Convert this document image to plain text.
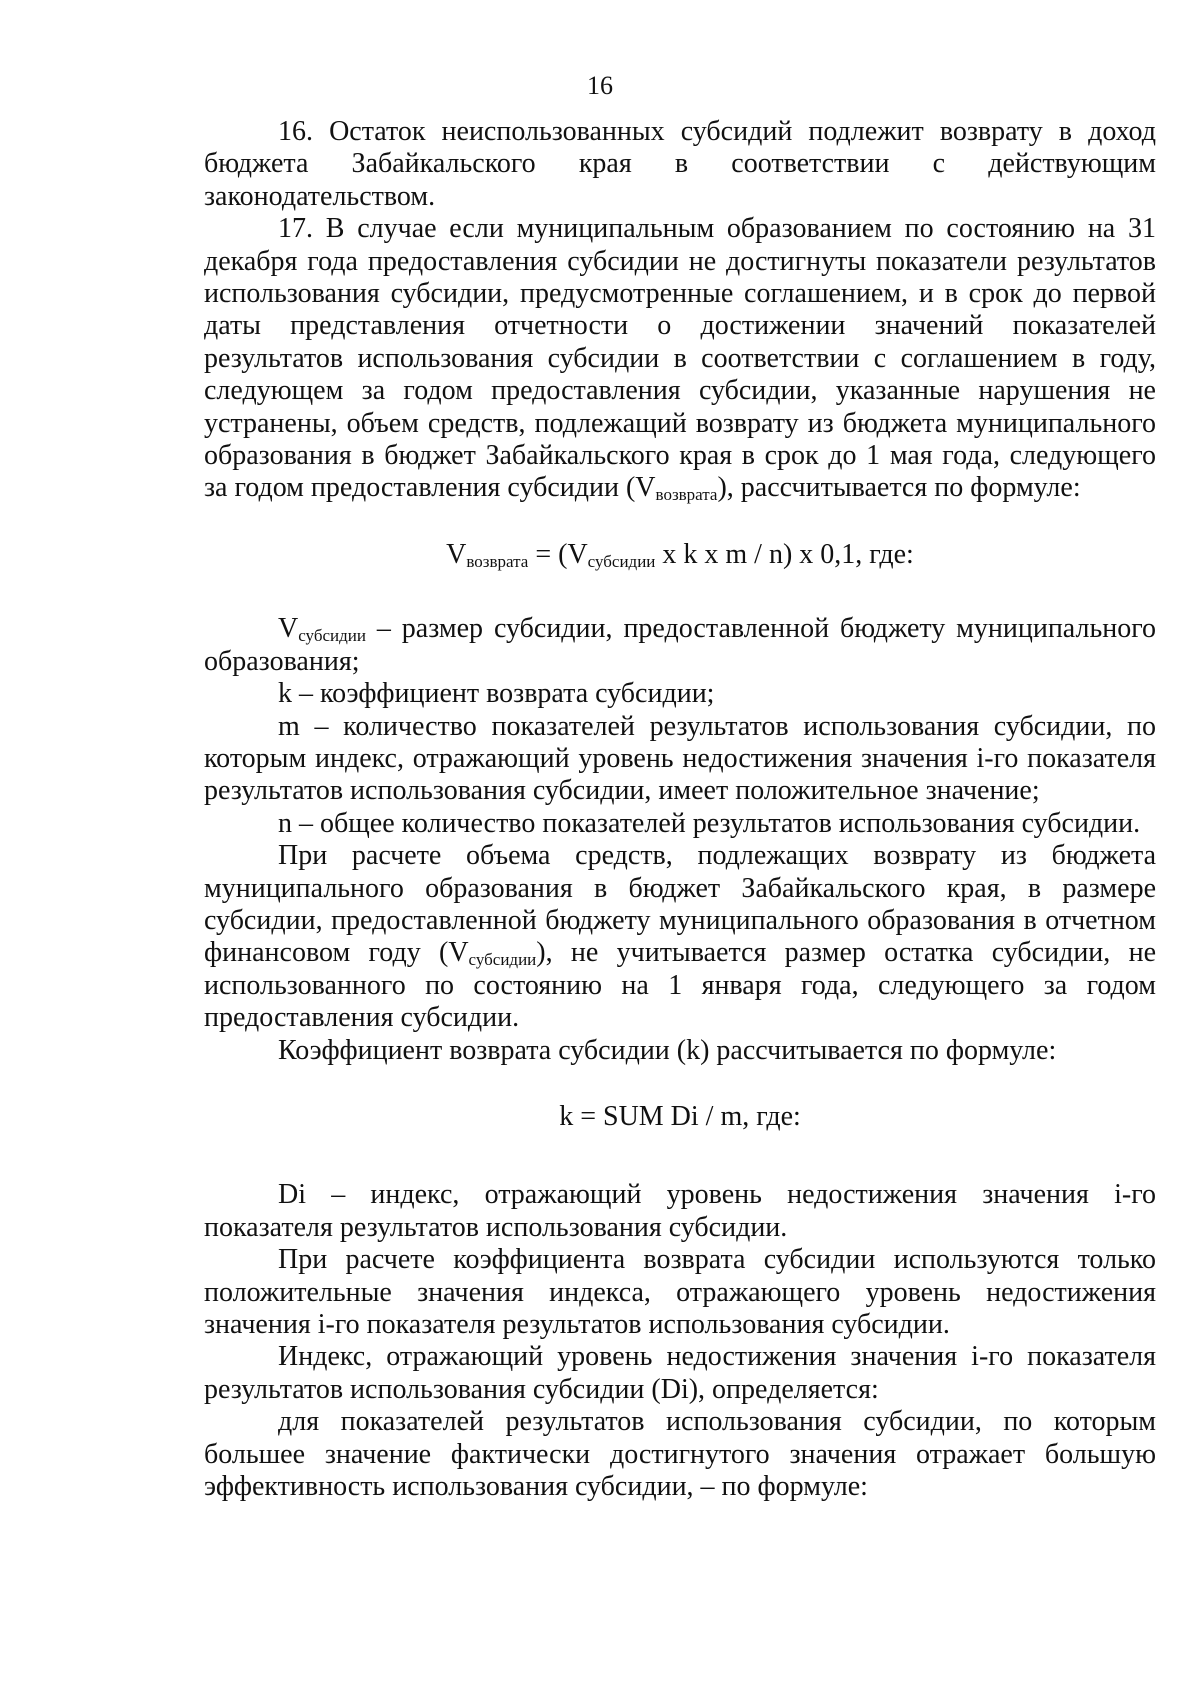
16

16. Остаток неиспользованных субсидий подлежит возврату в доход бюджета Забайкальского края в соответствии с действующим законодательством.

17. В случае если муниципальным образованием по состоянию на 31 декабря года предоставления субсидии не достигнуты показатели результатов использования субсидии, предусмотренные соглашением, и в срок до первой даты представления отчетности о достижении значений показателей результатов использования субсидии в соответствии с соглашением в году, следующем за годом предоставления субсидии, указанные нарушения не устранены, объем средств, подлежащий возврату из бюджета муниципального образования в бюджет Забайкальского края в срок до 1 мая года, следующего за годом предоставления субсидии $(V_{возврата})$, рассчитывается по формуле:

$V_{возврата} = (V_{субсидии}$ x k x m / n) x 0,1, где:

$V_{субсидии}$ – размер субсидии, предоставленной бюджету муниципального образования;

k – коэффициент возврата субсидии;

m – количество показателей результатов использования субсидии, по которым индекс, отражающий уровень недостижения значения i-го показателя результатов использования субсидии, имеет положительное значение;

n – общее количество показателей результатов использования субсидии.

При расчете объема средств, подлежащих возврату из бюджета муниципального образования в бюджет Забайкальского края, в размере субсидии, предоставленной бюджету муниципального образования в отчетном финансовом году $(V_{субсидии})$, не учитывается размер остатка субсидии, не использованного по состоянию на 1 января года, следующего за годом предоставления субсидии.

Коэффициент возврата субсидии (k) рассчитывается по формуле:

k = SUM Di / m, где:

Di – индекс, отражающий уровень недостижения значения i-го показателя результатов использования субсидии.

При расчете коэффициента возврата субсидии используются только положительные значения индекса, отражающего уровень недостижения значения i-го показателя результатов использования субсидии.

Индекс, отражающий уровень недостижения значения i-го показателя результатов использования субсидии (Di), определяется:

для показателей результатов использования субсидии, по которым большее значение фактически достигнутого значения отражает большую эффективность использования субсидии, – по формуле:
